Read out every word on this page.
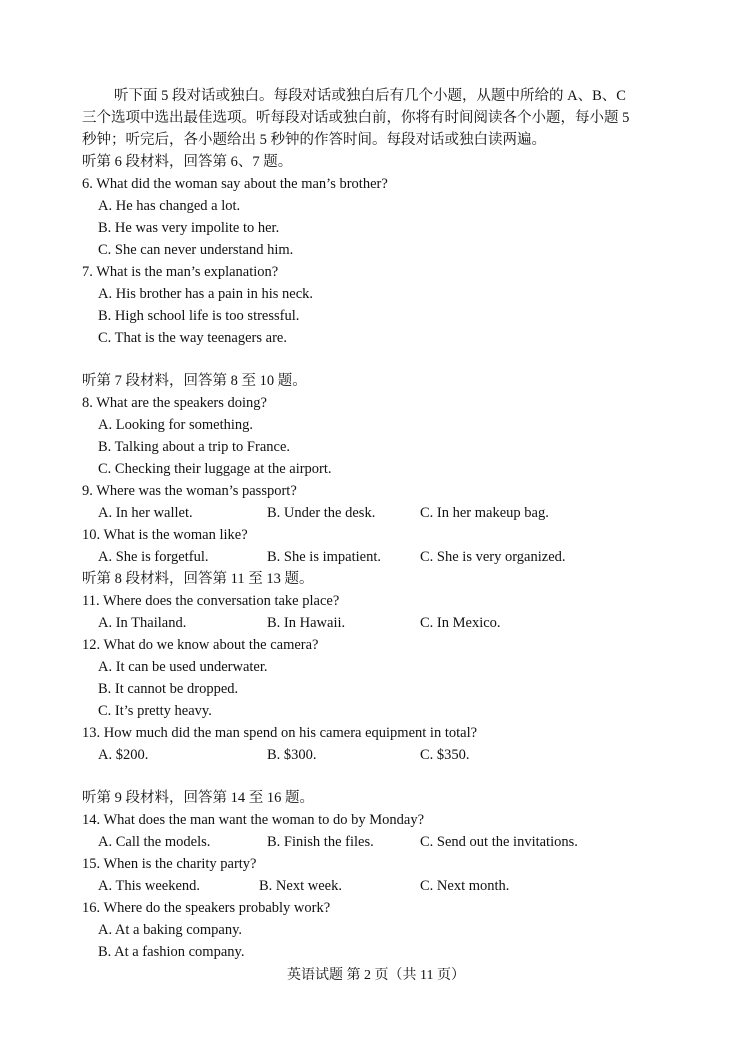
听下面 5 段对话或独白。每段对话或独白后有几个小题，从题中所给的 A、B、C

三个选项中选出最佳选项。听每段对话或独白前，你将有时间阅读各个小题，每小题 5

秒钟；听完后，各小题给出 5 秒钟的作答时间。每段对话或独白读两遍。

听第 6 段材料，回答第 6、7 题。
6. What did the woman say about the man’s brother?
A. He has changed a lot.
B. He was very impolite to her.
C. She can never understand him.
7. What is the man’s explanation?
A. His brother has a pain in his neck.
B. High school life is too stressful.
C. That is the way teenagers are.
听第 7 段材料，回答第 8 至 10 题。
8. What are the speakers doing?
A. Looking for something.
B. Talking about a trip to France.
C. Checking their luggage at the airport.
9. Where was the woman’s passport?
A. In her wallet.	B. Under the desk.	C. In her makeup bag.
10. What is the woman like?
A. She is forgetful.	B. She is impatient.	C. She is very organized.
听第 8 段材料，回答第 11 至 13 题。
11. Where does the conversation take place?
A. In Thailand.	B. In Hawaii.	C. In Mexico.
12. What do we know about the camera?
A. It can be used underwater.
B. It cannot be dropped.
C. It’s pretty heavy.
13. How much did the man spend on his camera equipment in total?
A. $200.	B. $300.	C. $350.
听第 9 段材料，回答第 14 至 16 题。
14. What does the man want the woman to do by Monday?
A. Call the models.	B. Finish the files.	C. Send out the invitations.
15. When is the charity party?
A. This weekend.	B. Next week.	C. Next month.
16. Where do the speakers probably work?
A. At a baking company.
B. At a fashion company.
英语试题 第 2 页（共 11 页）
